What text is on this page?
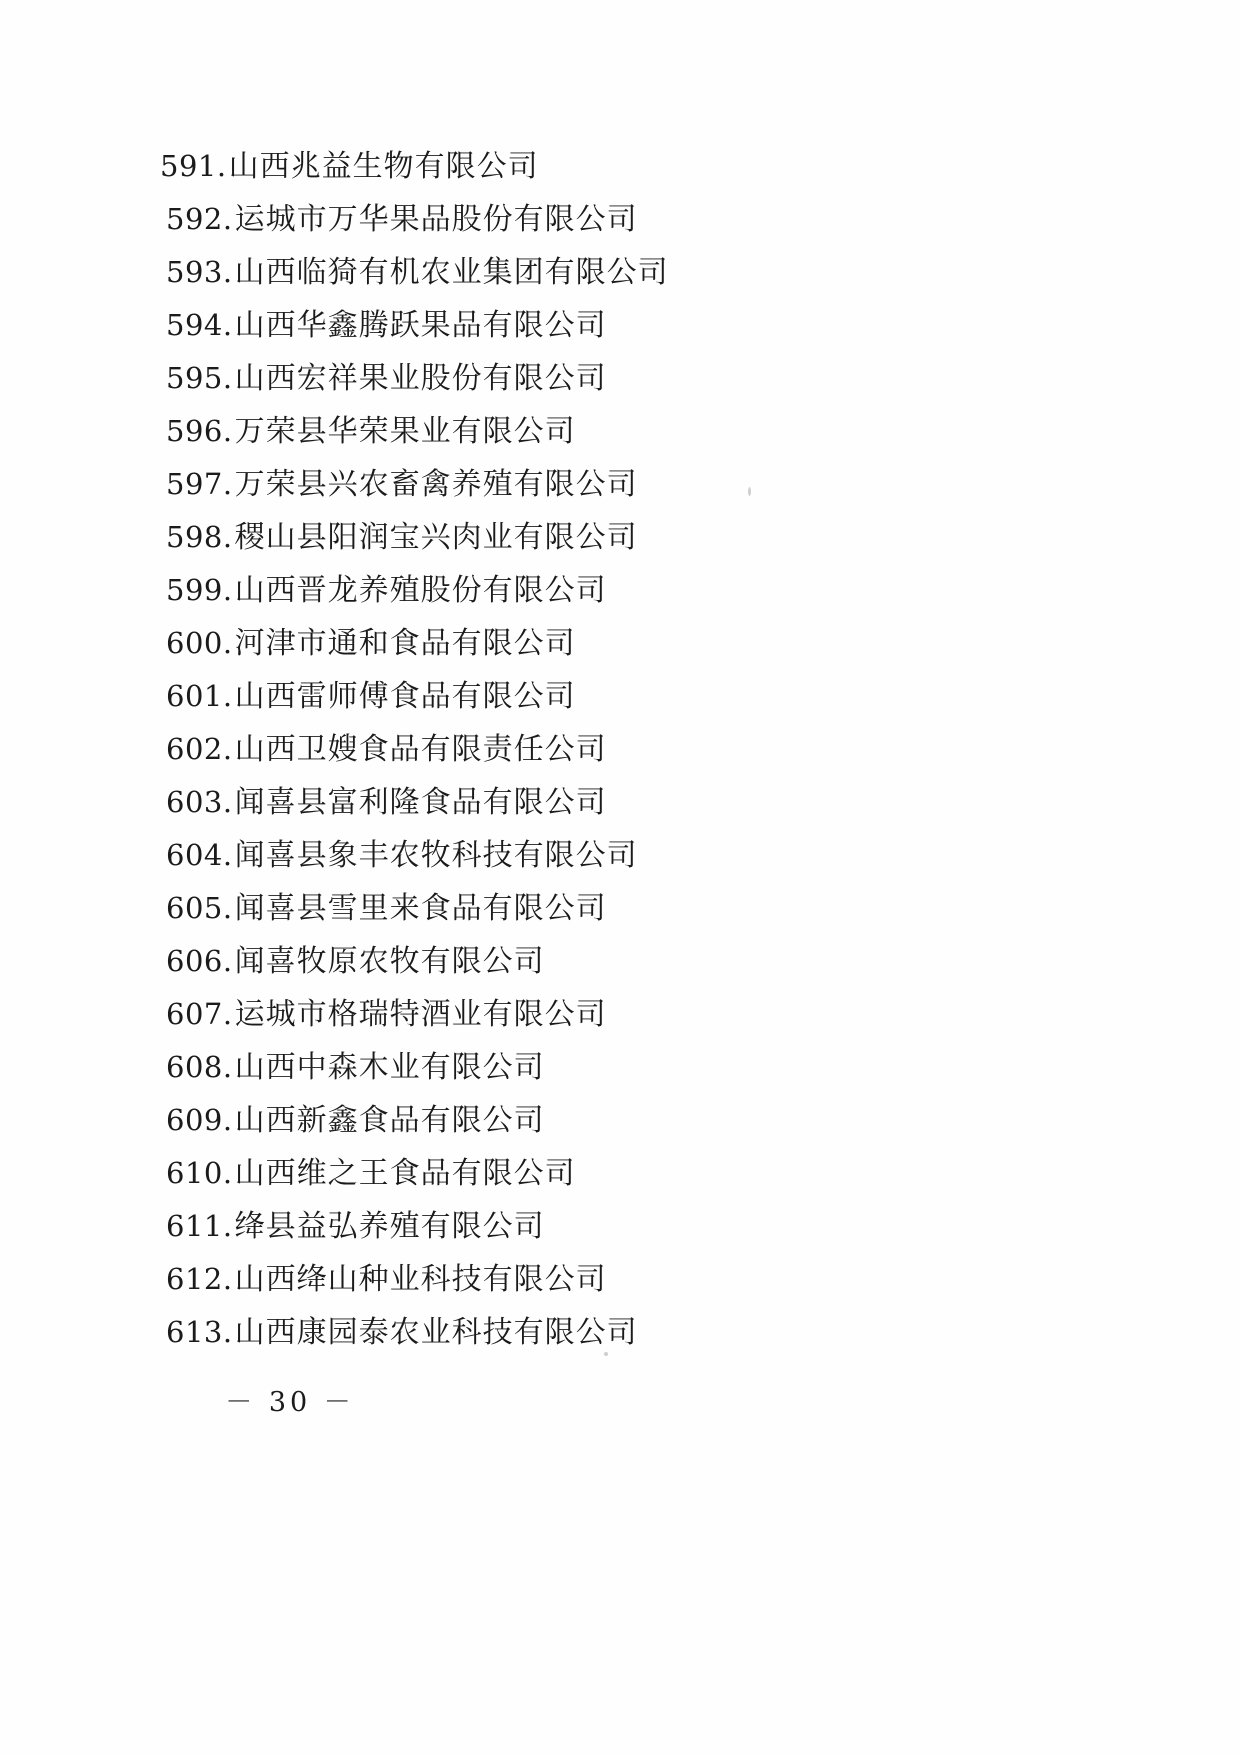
591. 山西兆益生物有限公司
592. 运城市万华果品股份有限公司
593. 山西临猗有机农业集团有限公司
594. 山西华鑫腾跃果品有限公司
595. 山西宏祥果业股份有限公司
596. 万荣县华荣果业有限公司
597. 万荣县兴农畜禽养殖有限公司
598. 稷山县阳润宝兴肉业有限公司
599. 山西晋龙养殖股份有限公司
600. 河津市通和食品有限公司
601. 山西雷师傅食品有限公司
602. 山西卫嫂食品有限责任公司
603. 闻喜县富利隆食品有限公司
604. 闻喜县象丰农牧科技有限公司
605. 闻喜县雪里来食品有限公司
606. 闻喜牧原农牧有限公司
607. 运城市格瑞特酒业有限公司
608. 山西中森木业有限公司
609. 山西新鑫食品有限公司
610. 山西维之王食品有限公司
611. 绛县益弘养殖有限公司
612. 山西绛山种业科技有限公司
613. 山西康园泰农业科技有限公司
－ 30 －
